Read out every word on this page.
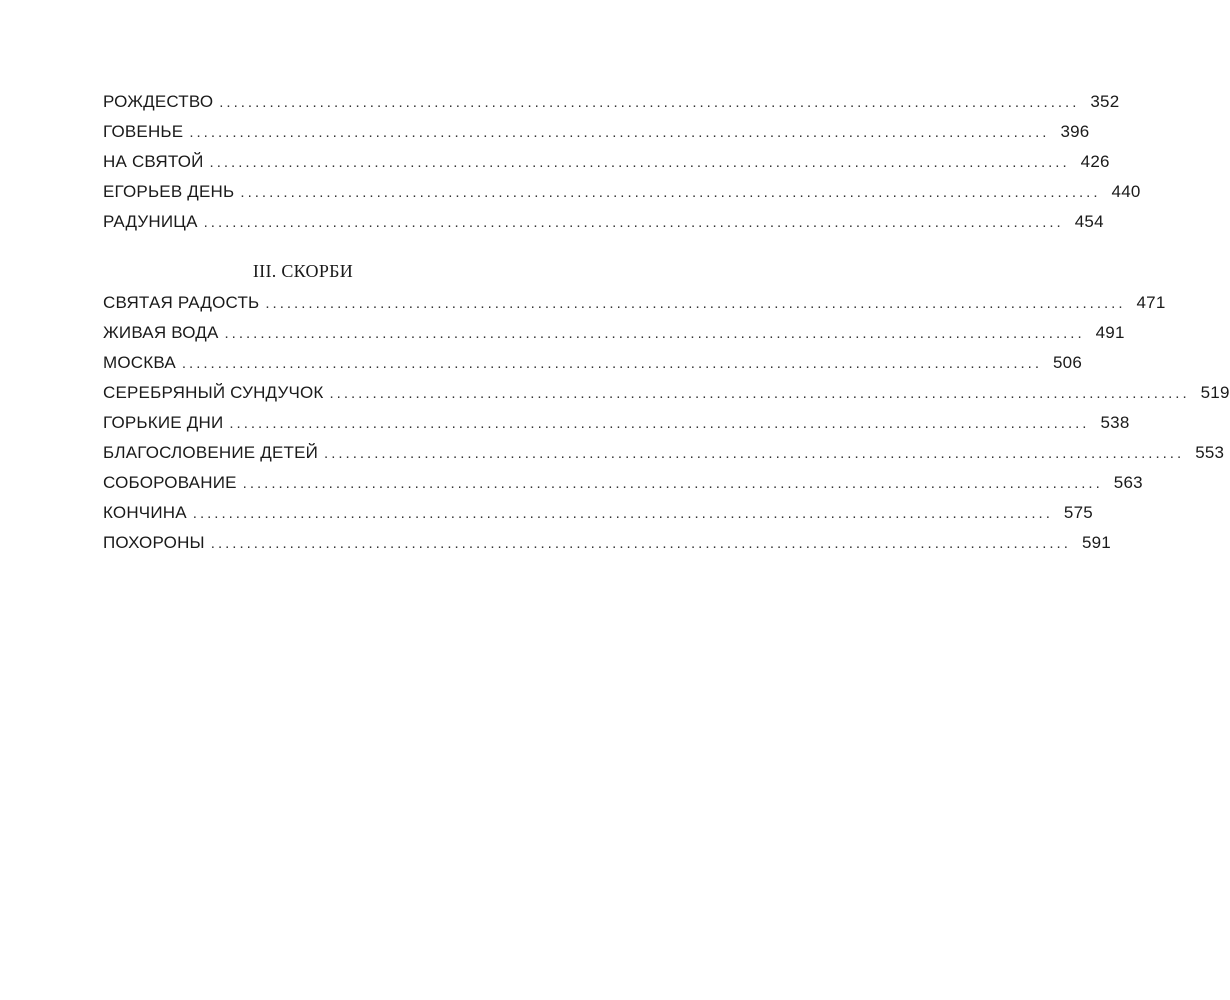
РОЖДЕСТВО ........................................................................................................................ 352
ГОВЕНЬЕ ........................................................................................................................ 396
НА СВЯТОЙ ........................................................................................................................ 426
ЕГОРЬЕВ ДЕНЬ ........................................................................................................................ 440
РАДУНИЦА ........................................................................................................................ 454
III. СКОРБИ
СВЯТАЯ РАДОСТЬ ........................................................................................................................ 471
ЖИВАЯ ВОДА ........................................................................................................................ 491
МОСКВА ........................................................................................................................ 506
СЕРЕБРЯНЫЙ СУНДУЧОК ........................................................................................................................ 519
ГОРЬКИЕ ДНИ ........................................................................................................................ 538
БЛАГОСЛОВЕНИЕ ДЕТЕЙ ........................................................................................................................ 553
СОБОРОВАНИЕ ........................................................................................................................ 563
КОНЧИНА ........................................................................................................................ 575
ПОХОРОНЫ ........................................................................................................................ 591
